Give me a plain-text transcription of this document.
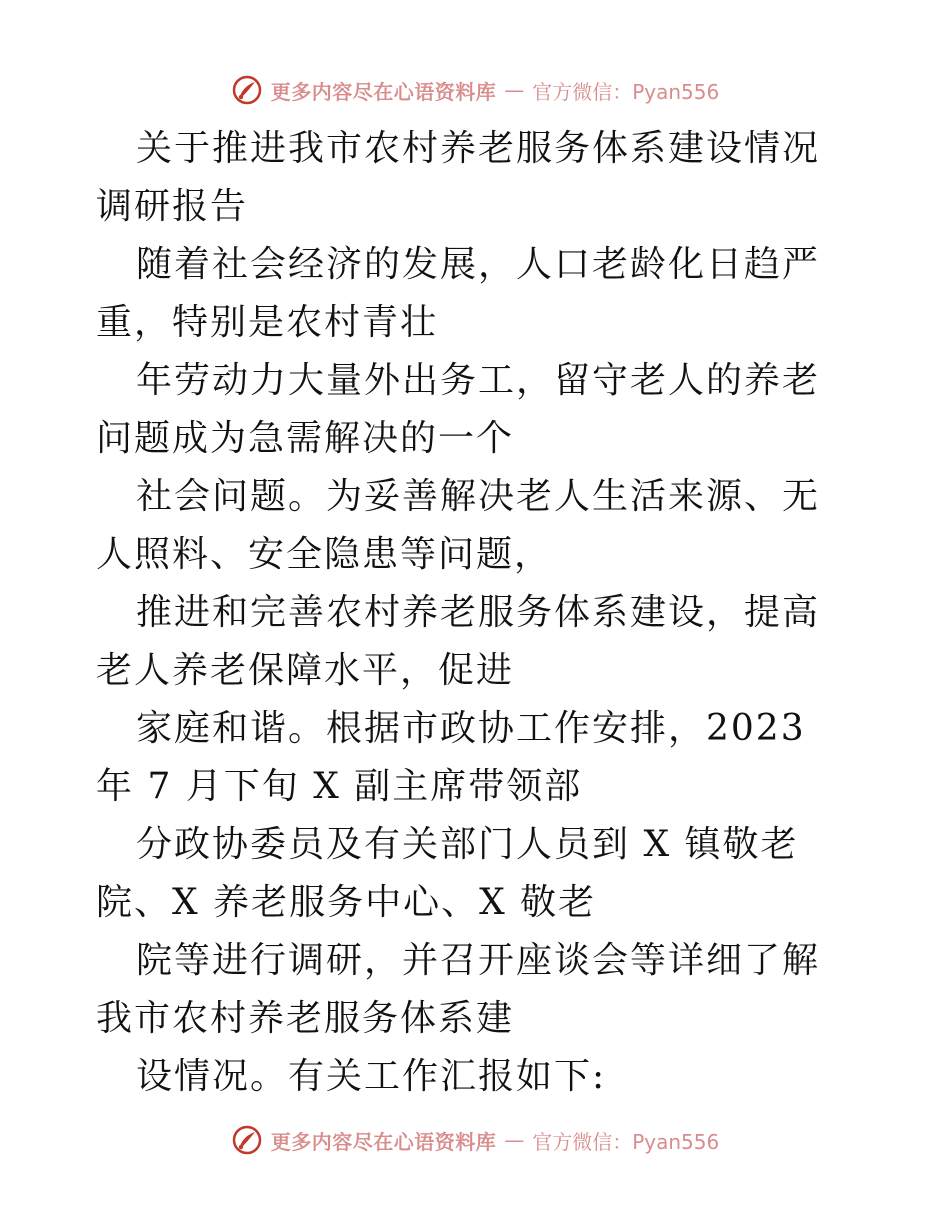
更多内容尽在心语资料库 — 官方微信：Pyan556

关于推进我市农村养老服务体系建设情况调研报告

随着社会经济的发展，人口老龄化日趋严重，特别是农村青壮

年劳动力大量外出务工，留守老人的养老问题成为急需解决的一个

社会问题。为妥善解决老人生活来源、无人照料、安全隐患等问题，

推进和完善农村养老服务体系建设，提高老人养老保障水平，促进

家庭和谐。根据市政协工作安排，2023 年 7 月下旬 X 副主席带领部

分政协委员及有关部门人员到 X 镇敬老院、X 养老服务中心、X 敬老

院等进行调研，并召开座谈会等详细了解我市农村养老服务体系建

设情况。有关工作汇报如下:

更多内容尽在心语资料库 — 官方微信：Pyan556
